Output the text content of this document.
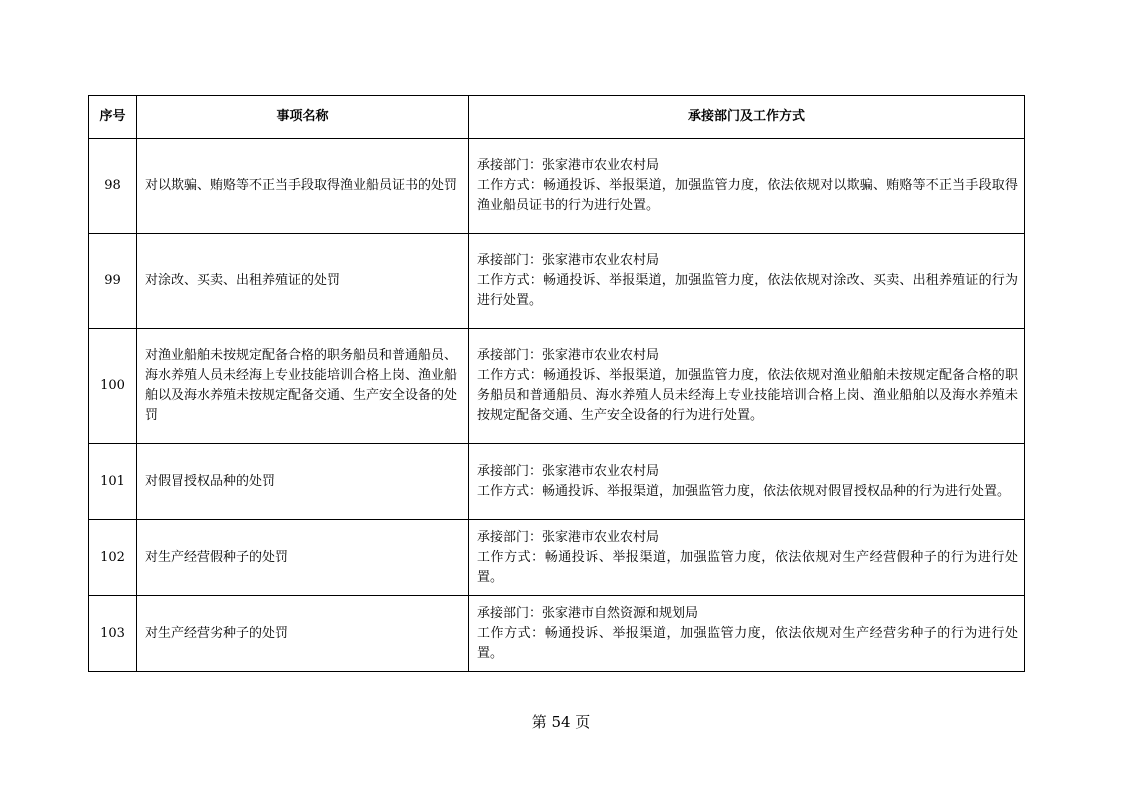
序号	事项名称	承接部门及工作方式
98	对以欺骗、贿赂等不正当手段取得渔业船员证书的处罚	承接部门：张家港市农业农村局
工作方式：畅通投诉、举报渠道，加强监管力度，依法依规对以欺骗、贿赂等不正当手段取得渔业船员证书的行为进行处置。

99	对涂改、买卖、出租养殖证的处罚	承接部门：张家港市农业农村局
工作方式：畅通投诉、举报渠道，加强监管力度，依法依规对涂改、买卖、出租养殖证的行为进行处置。

100	对渔业船舶未按规定配备合格的职务船员和普通船员、海水养殖人员未经海上专业技能培训合格上岗、渔业船舶以及海水养殖未按规定配备交通、生产安全设备的处罚	承接部门：张家港市农业农村局
工作方式：畅通投诉、举报渠道，加强监管力度，依法依规对渔业船舶未按规定配备合格的职务船员和普通船员、海水养殖人员未经海上专业技能培训合格上岗、渔业船舶以及海水养殖未按规定配备交通、生产安全设备的行为进行处置。

101	对假冒授权品种的处罚	承接部门：张家港市农业农村局
工作方式：畅通投诉、举报渠道，加强监管力度，依法依规对假冒授权品种的行为进行处置。

102	对生产经营假种子的处罚	承接部门：张家港市农业农村局
工作方式：畅通投诉、举报渠道，加强监管力度，依法依规对生产经营假种子的行为进行处置。

103	对生产经营劣种子的处罚	承接部门：张家港市自然资源和规划局
工作方式：畅通投诉、举报渠道，加强监管力度，依法依规对生产经营劣种子的行为进行处置。
第 54 页
